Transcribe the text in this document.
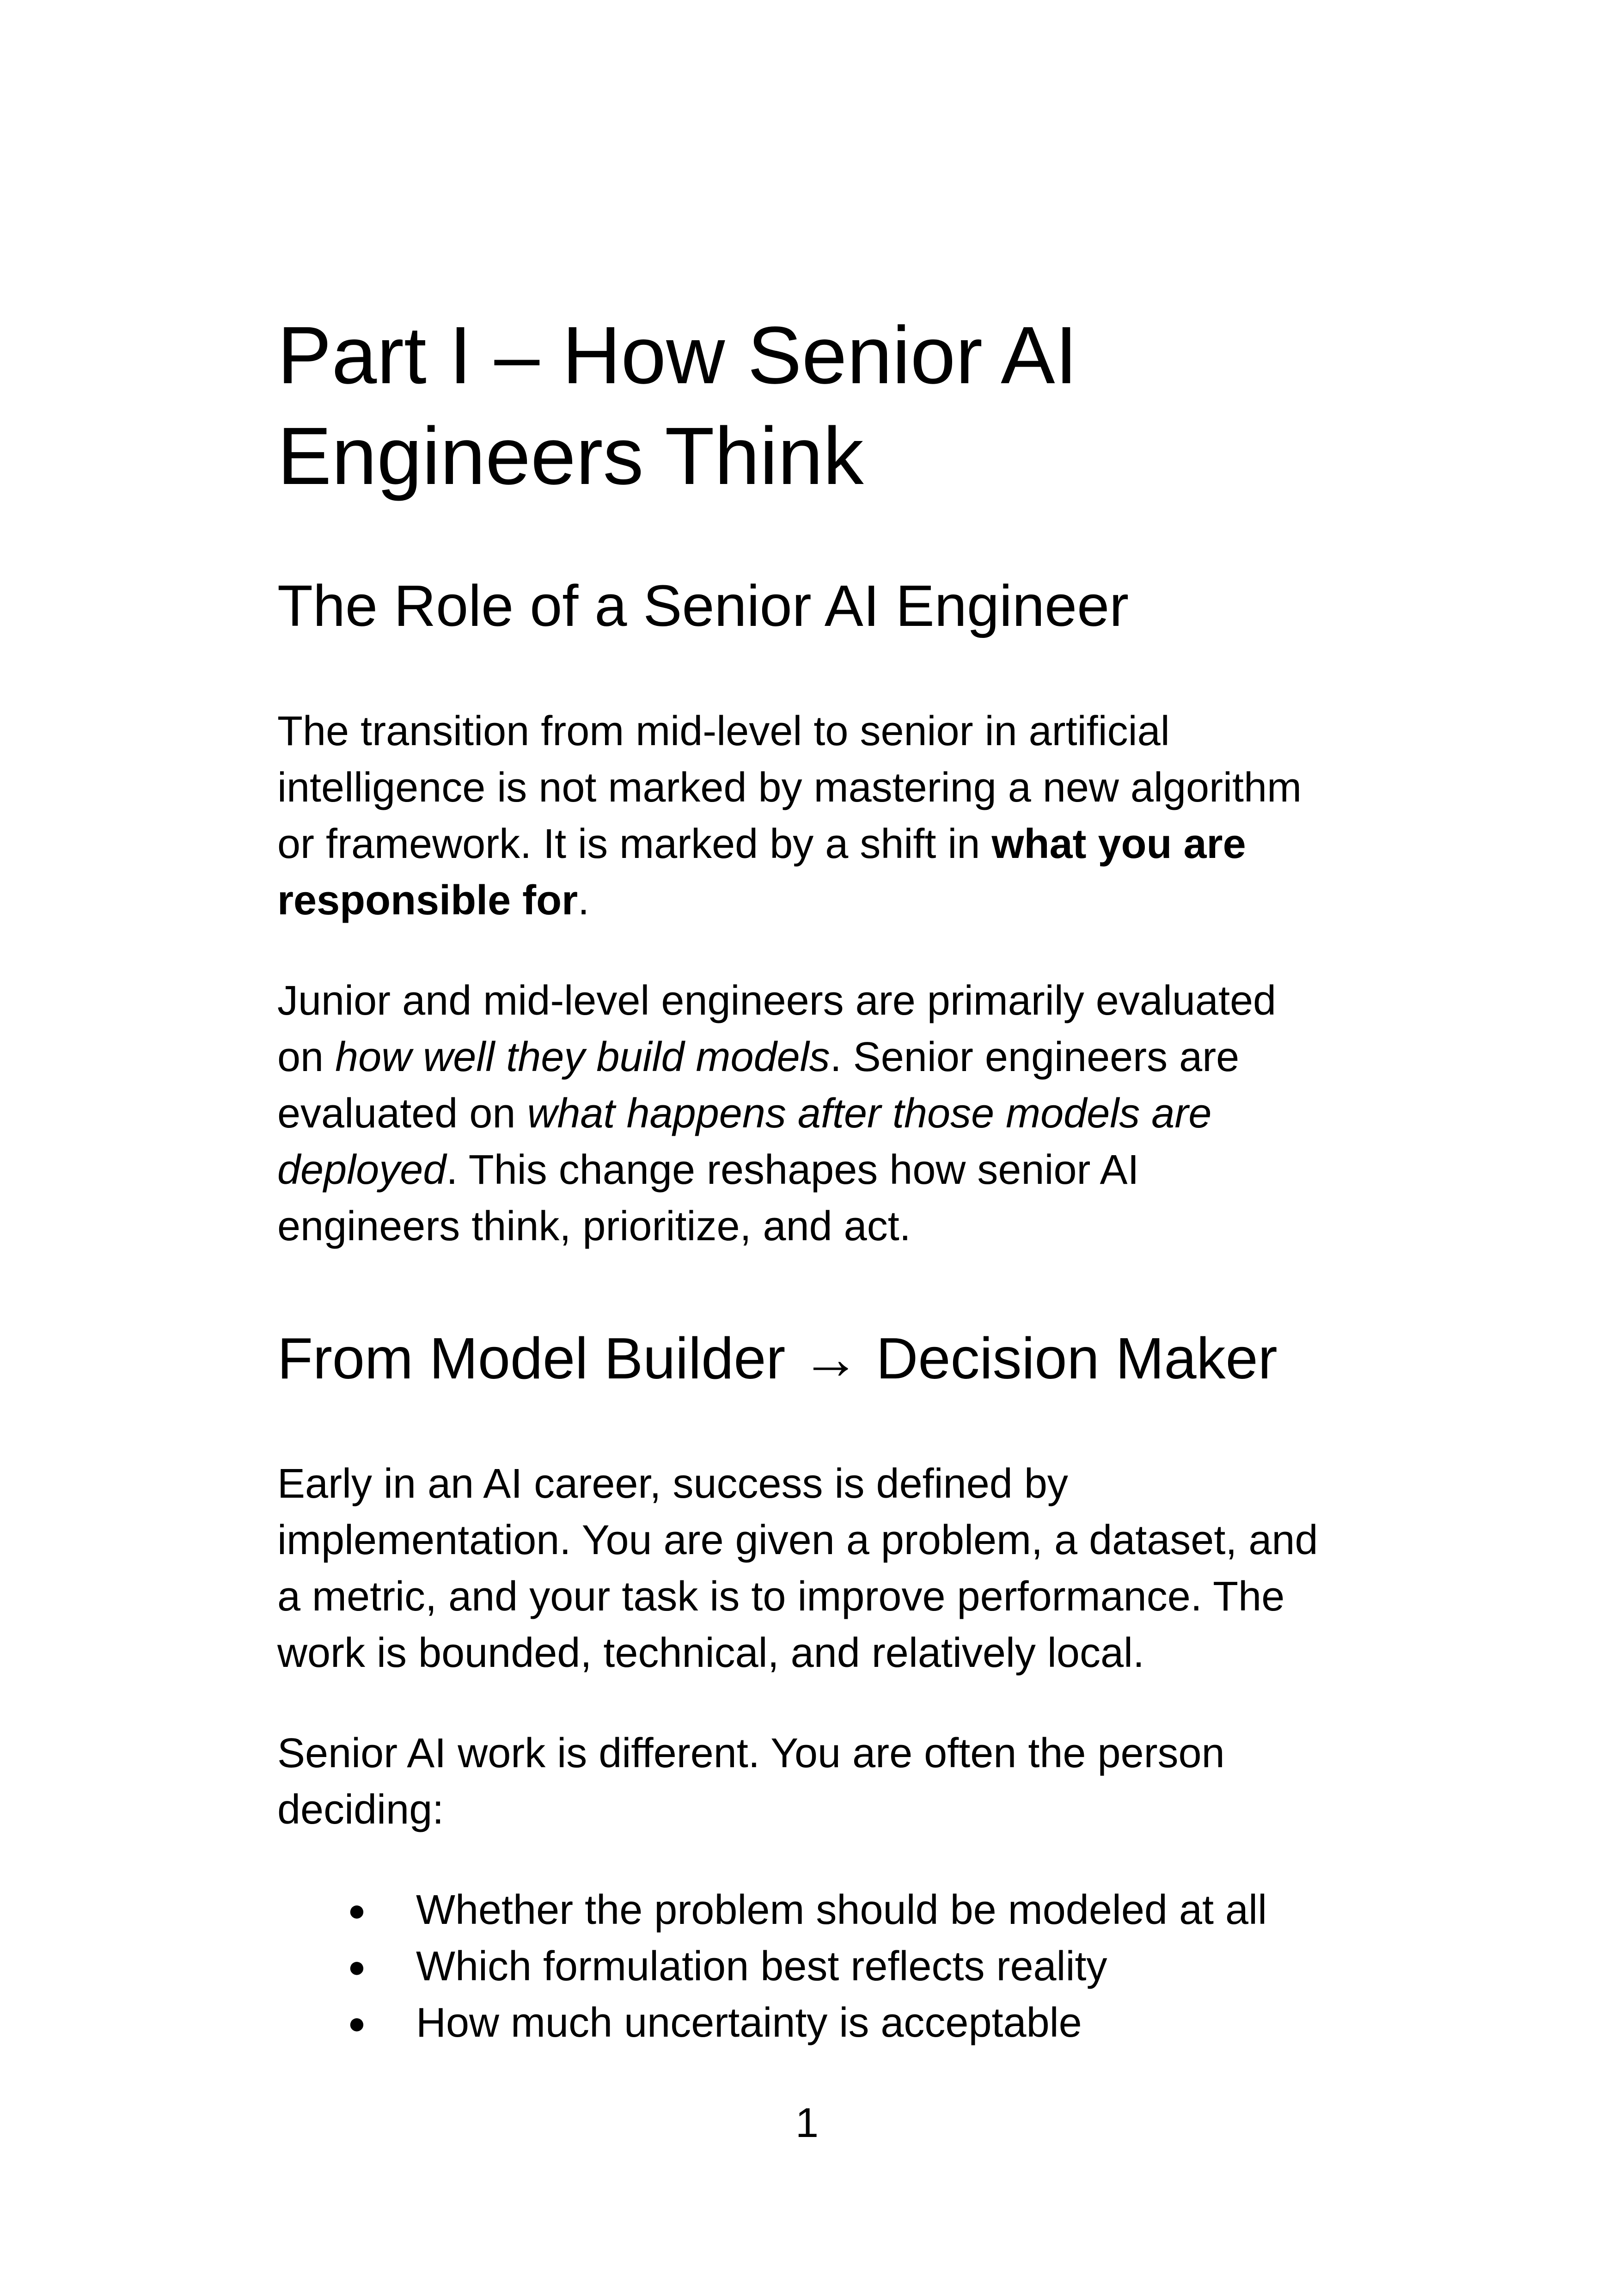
Part I – How Senior AI
Engineers Think
The Role of a Senior AI Engineer

The transition from mid-level to senior in artificial
intelligence is not marked by mastering a new algorithm
or framework. It is marked by a shift in what you are
responsible for.

Junior and mid-level engineers are primarily evaluated
on how well they build models. Senior engineers are
evaluated on what happens after those models are
deployed. This change reshapes how senior AI
engineers think, prioritize, and act.

From Model Builder → Decision Maker

Early in an AI career, success is defined by
implementation. You are given a problem, a dataset, and
a metric, and your task is to improve performance. The
work is bounded, technical, and relatively local.

Senior AI work is different. You are often the person
deciding:

● Whether the problem should be modeled at all
● Which formulation best reflects reality
● How much uncertainty is acceptable
1
